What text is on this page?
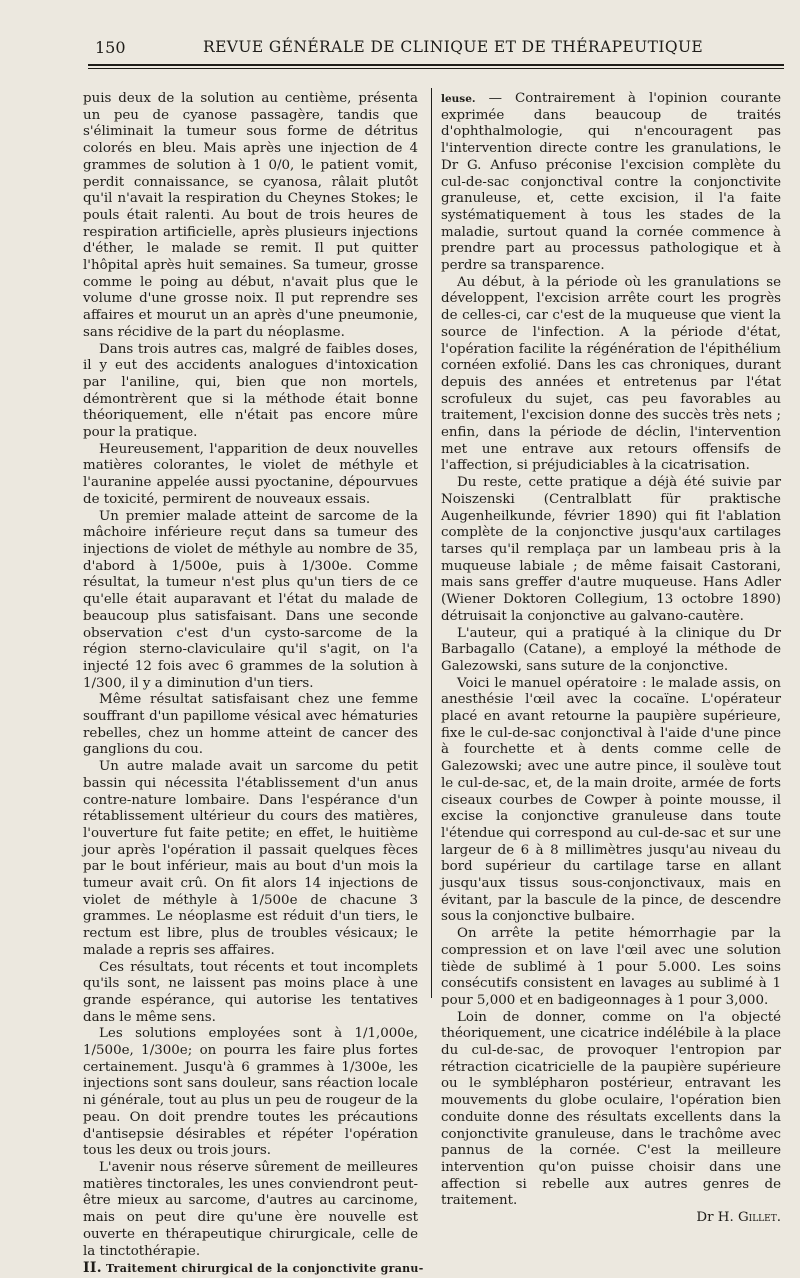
150	REVUE GÉNÉRALE DE CLINIQUE ET DE THÉRAPEUTIQUE

puis deux de la solution au centième, présenta un peu de cyanose passagère, tandis que s'éliminait la tumeur sous forme de détritus colorés en bleu. Mais après une injection de 4 grammes de solution à 1 0/0, le patient vomit, perdit connaissance, se cyanosa, râlait plutôt qu'il n'avait la respiration du Cheynes Stokes; le pouls était ralenti. Au bout de trois heures de respiration artificielle, après plusieurs injections d'éther, le malade se remit. Il put quitter l'hôpital après huit semaines. Sa tumeur, grosse comme le poing au début, n'avait plus que le volume d'une grosse noix. Il put reprendre ses affaires et mourut un an après d'une pneumonie, sans récidive de la part du néoplasme.

Dans trois autres cas, malgré de faibles doses, il y eut des accidents analogues d'intoxication par l'aniline, qui, bien que non mortels, démontrèrent que si la méthode était bonne théoriquement, elle n'était pas encore mûre pour la pratique.

Heureusement, l'apparition de deux nouvelles matières colorantes, le violet de méthyle et l'auranine appelée aussi pyoctanine, dépourvues de toxicité, permirent de nouveaux essais.

Un premier malade atteint de sarcome de la mâchoire inférieure reçut dans sa tumeur des injections de violet de méthyle au nombre de 35, d'abord à 1/500e, puis à 1/300e. Comme résultat, la tumeur n'est plus qu'un tiers de ce qu'elle était auparavant et l'état du malade de beaucoup plus satisfaisant. Dans une seconde observation c'est d'un cysto-sarcome de la région sterno-claviculaire qu'il s'agit, on l'a injecté 12 fois avec 6 grammes de la solution à 1/300, il y a diminution d'un tiers.

Même résultat satisfaisant chez une femme souffrant d'un papillome vésical avec hématuries rebelles, chez un homme atteint de cancer des ganglions du cou.

Un autre malade avait un sarcome du petit bassin qui nécessita l'établissement d'un anus contre-nature lombaire. Dans l'espérance d'un rétablissement ultérieur du cours des matières, l'ouverture fut faite petite; en effet, le huitième jour après l'opération il passait quelques fèces par le bout inférieur, mais au bout d'un mois la tumeur avait crû. On fit alors 14 injections de violet de méthyle à 1/500e de chacune 3 grammes. Le néoplasme est réduit d'un tiers, le rectum est libre, plus de troubles vésicaux; le malade a repris ses affaires.

Ces résultats, tout récents et tout incomplets qu'ils sont, ne laissent pas moins place à une grande espérance, qui autorise les tentatives dans le même sens.

Les solutions employées sont à 1/1,000e, 1/500e, 1/300e; on pourra les faire plus fortes certainement. Jusqu'à 6 grammes à 1/300e, les injections sont sans douleur, sans réaction locale ni générale, tout au plus un peu de rougeur de la peau. On doit prendre toutes les précautions d'antisepsie désirables et répéter l'opération tous les deux ou trois jours.

L'avenir nous réserve sûrement de meilleures matières tinctorales, les unes conviendront peut-être mieux au sarcome, d'autres au carcinome, mais on peut dire qu'une ère nouvelle est ouverte en thérapeutique chirurgicale, celle de la tinctothérapie.

II. Traitement chirurgical de la conjonctivite granu-

leuse. — Contrairement à l'opinion courante exprimée dans beaucoup de traités d'ophthalmologie, qui n'encouragent pas l'intervention directe contre les granulations, le Dr G. Anfuso préconise l'excision complète du cul-de-sac conjonctival contre la conjonctivite granuleuse, et, cette excision, il l'a faite systématiquement à tous les stades de la maladie, surtout quand la cornée commence à prendre part au processus pathologique et à perdre sa transparence.

Au début, à la période où les granulations se développent, l'excision arrête court les progrès de celles-ci, car c'est de la muqueuse que vient la source de l'infection. A la période d'état, l'opération facilite la régénération de l'épithélium cornéen exfolié. Dans les cas chroniques, durant depuis des années et entretenus par l'état scrofuleux du sujet, cas peu favorables au traitement, l'excision donne des succès très nets ; enfin, dans la période de déclin, l'intervention met une entrave aux retours offensifs de l'affection, si préjudiciables à la cicatrisation.

Du reste, cette pratique a déjà été suivie par Noiszenski (Centralblatt für praktische Augenheilkunde, février 1890) qui fit l'ablation complète de la conjonctive jusqu'aux cartilages tarses qu'il remplaça par un lambeau pris à la muqueuse labiale ; de même faisait Castorani, mais sans greffer d'autre muqueuse. Hans Adler (Wiener Doktoren Collegium, 13 octobre 1890) détruisait la conjonctive au galvano-cautère.

L'auteur, qui a pratiqué à la clinique du Dr Barbagallo (Catane), a employé la méthode de Galezowski, sans suture de la conjonctive.

Voici le manuel opératoire : le malade assis, on anesthésie l'œil avec la cocaïne. L'opérateur placé en avant retourne la paupière supérieure, fixe le cul-de-sac conjonctival à l'aide d'une pince à fourchette et à dents comme celle de Galezowski; avec une autre pince, il soulève tout le cul-de-sac, et, de la main droite, armée de forts ciseaux courbes de Cowper à pointe mousse, il excise la conjonctive granuleuse dans toute l'étendue qui correspond au cul-de-sac et sur une largeur de 6 à 8 millimètres jusqu'au niveau du bord supérieur du cartilage tarse en allant jusqu'aux tissus sous-conjonctivaux, mais en évitant, par la bascule de la pince, de descendre sous la conjonctive bulbaire.

On arrête la petite hémorrhagie par la compression et on lave l'œil avec une solution tiède de sublimé à 1 pour 5.000. Les soins consécutifs consistent en lavages au sublimé à 1 pour 5,000 et en badigeonnages à 1 pour 3,000.

Loin de donner, comme on l'a objecté théoriquement, une cicatrice indélébile à la place du cul-de-sac, de provoquer l'entropion par rétraction cicatricielle de la paupière supérieure ou le symblépharon postérieur, entravant les mouvements du globe oculaire, l'opération bien conduite donne des résultats excellents dans la conjonctivite granuleuse, dans le trachôme avec pannus de la cornée. C'est la meilleure intervention qu'on puisse choisir dans une affection si rebelle aux autres genres de traitement.

Dr H. Gillet.
